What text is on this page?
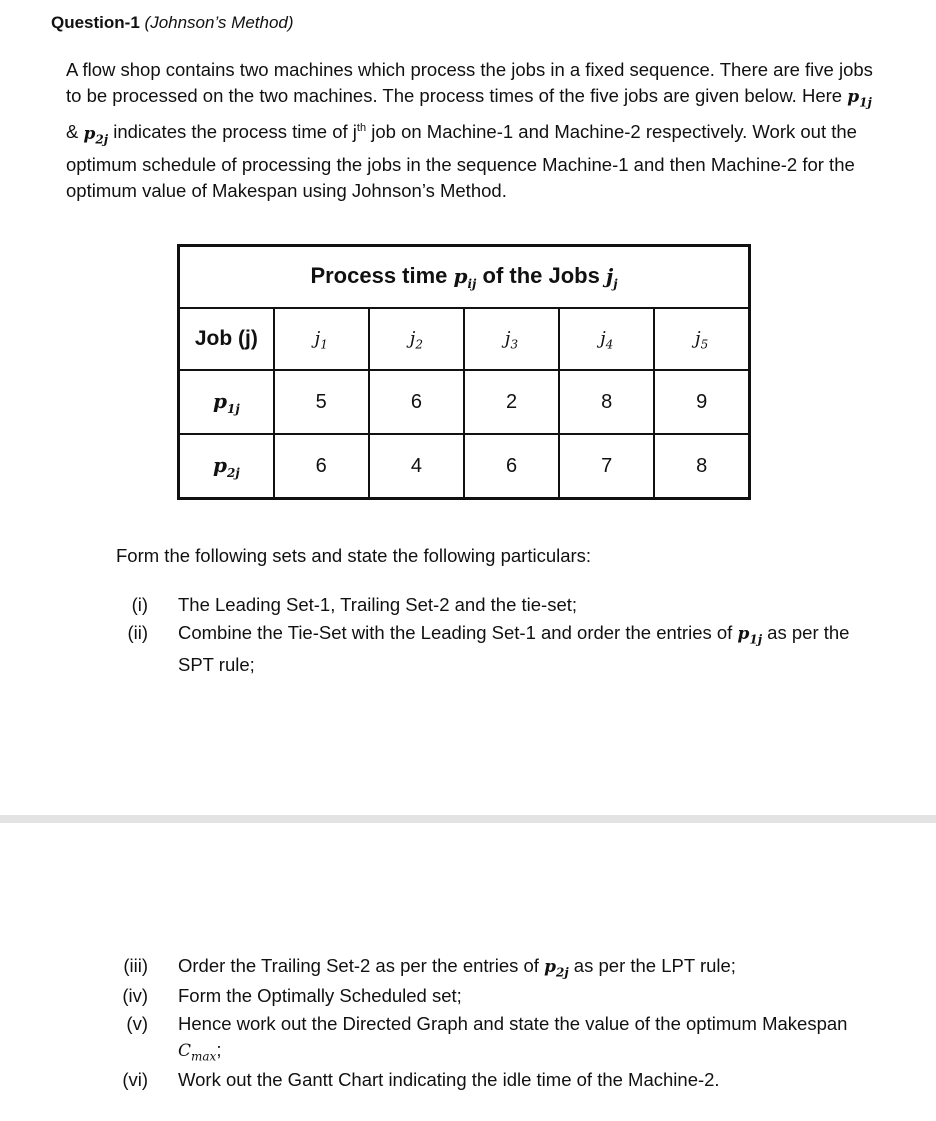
Question-1 (Johnson’s Method)
A flow shop contains two machines which process the jobs in a fixed sequence. There are five jobs to be processed on the two machines. The process times of the five jobs are given below. Here $p_{1j}$ & $p_{2j}$ indicates the process time of $j^{th}$ job on Machine-1 and Machine-2 respectively. Work out the optimum schedule of processing the jobs in the sequence Machine-1 and then Machine-2 for the optimum value of Makespan using Johnson’s Method.
Process time $p_{ij}$ of the Jobs $j_j$
Job (j)	$j_1$	$j_2$	$j_3$	$j_4$	$j_5$
$p_{1j}$	5	6	2	8	9
$p_{2j}$	6	4	6	7	8
Form the following sets and state the following particulars:
(i) The Leading Set-1, Trailing Set-2 and the tie-set;
(ii) Combine the Tie-Set with the Leading Set-1 and order the entries of $p_{1j}$ as per the SPT rule;
(iii) Order the Trailing Set-2 as per the entries of $p_{2j}$ as per the LPT rule;
(iv) Form the Optimally Scheduled set;
(v) Hence work out the Directed Graph and state the value of the optimum Makespan $C_{max}$;
(vi) Work out the Gantt Chart indicating the idle time of the Machine-2.
